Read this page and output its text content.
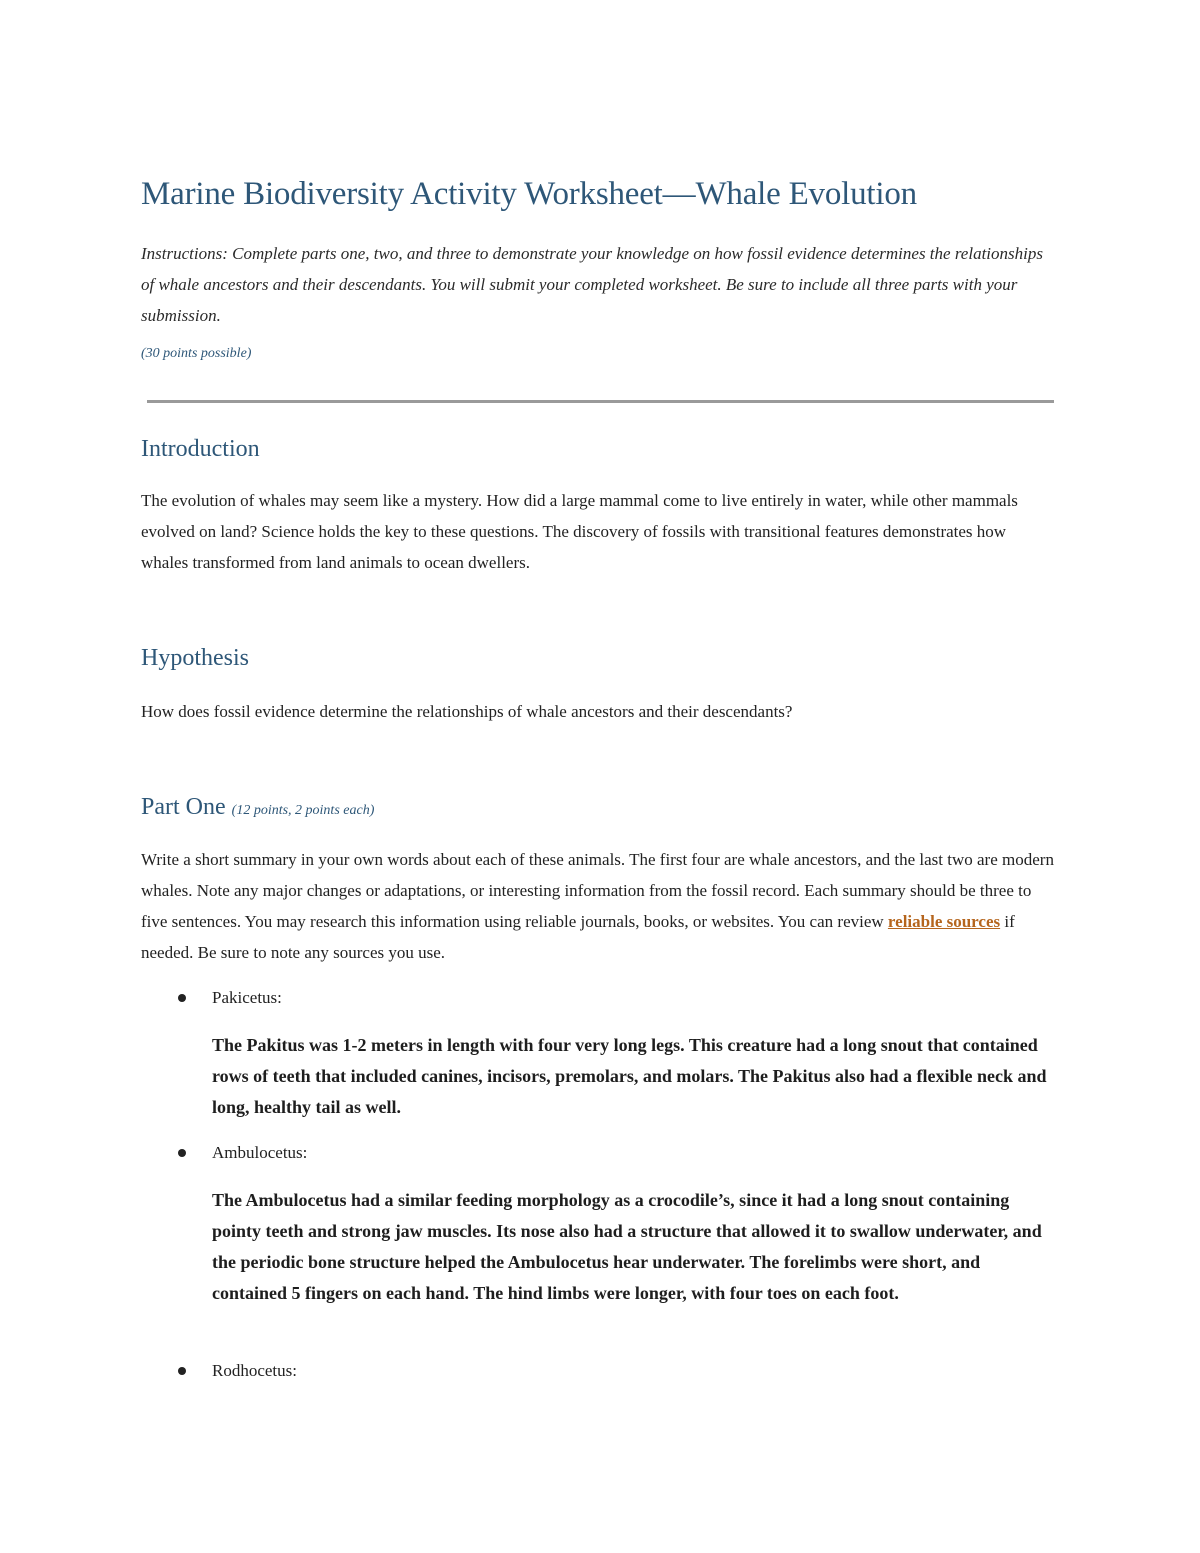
Marine Biodiversity Activity Worksheet—Whale Evolution

Instructions: Complete parts one, two, and three to demonstrate your knowledge on how fossil evidence determines the relationships of whale ancestors and their descendants. You will submit your completed worksheet. Be sure to include all three parts with your submission.

(30 points possible)

Introduction

The evolution of whales may seem like a mystery. How did a large mammal come to live entirely in water, while other mammals evolved on land? Science holds the key to these questions. The discovery of fossils with transitional features demonstrates how whales transformed from land animals to ocean dwellers.

Hypothesis

How does fossil evidence determine the relationships of whale ancestors and their descendants?

Part One (12 points, 2 points each)

Write a short summary in your own words about each of these animals. The first four are whale ancestors, and the last two are modern whales. Note any major changes or adaptations, or interesting information from the fossil record. Each summary should be three to five sentences. You may research this information using reliable journals, books, or websites. You can review reliable sources if needed. Be sure to note any sources you use.

Pakicetus:

The Pakitus was 1-2 meters in length with four very long legs. This creature had a long snout that contained rows of teeth that included canines, incisors, premolars, and molars. The Pakitus also had a flexible neck and long, healthy tail as well.

Ambulocetus:

The Ambulocetus had a similar feeding morphology as a crocodile’s, since it had a long snout containing pointy teeth and strong jaw muscles. Its nose also had a structure that allowed it to swallow underwater, and the periodic bone structure helped the Ambulocetus hear underwater. The forelimbs were short, and contained 5 fingers on each hand. The hind limbs were longer, with four toes on each foot.

Rodhocetus:
